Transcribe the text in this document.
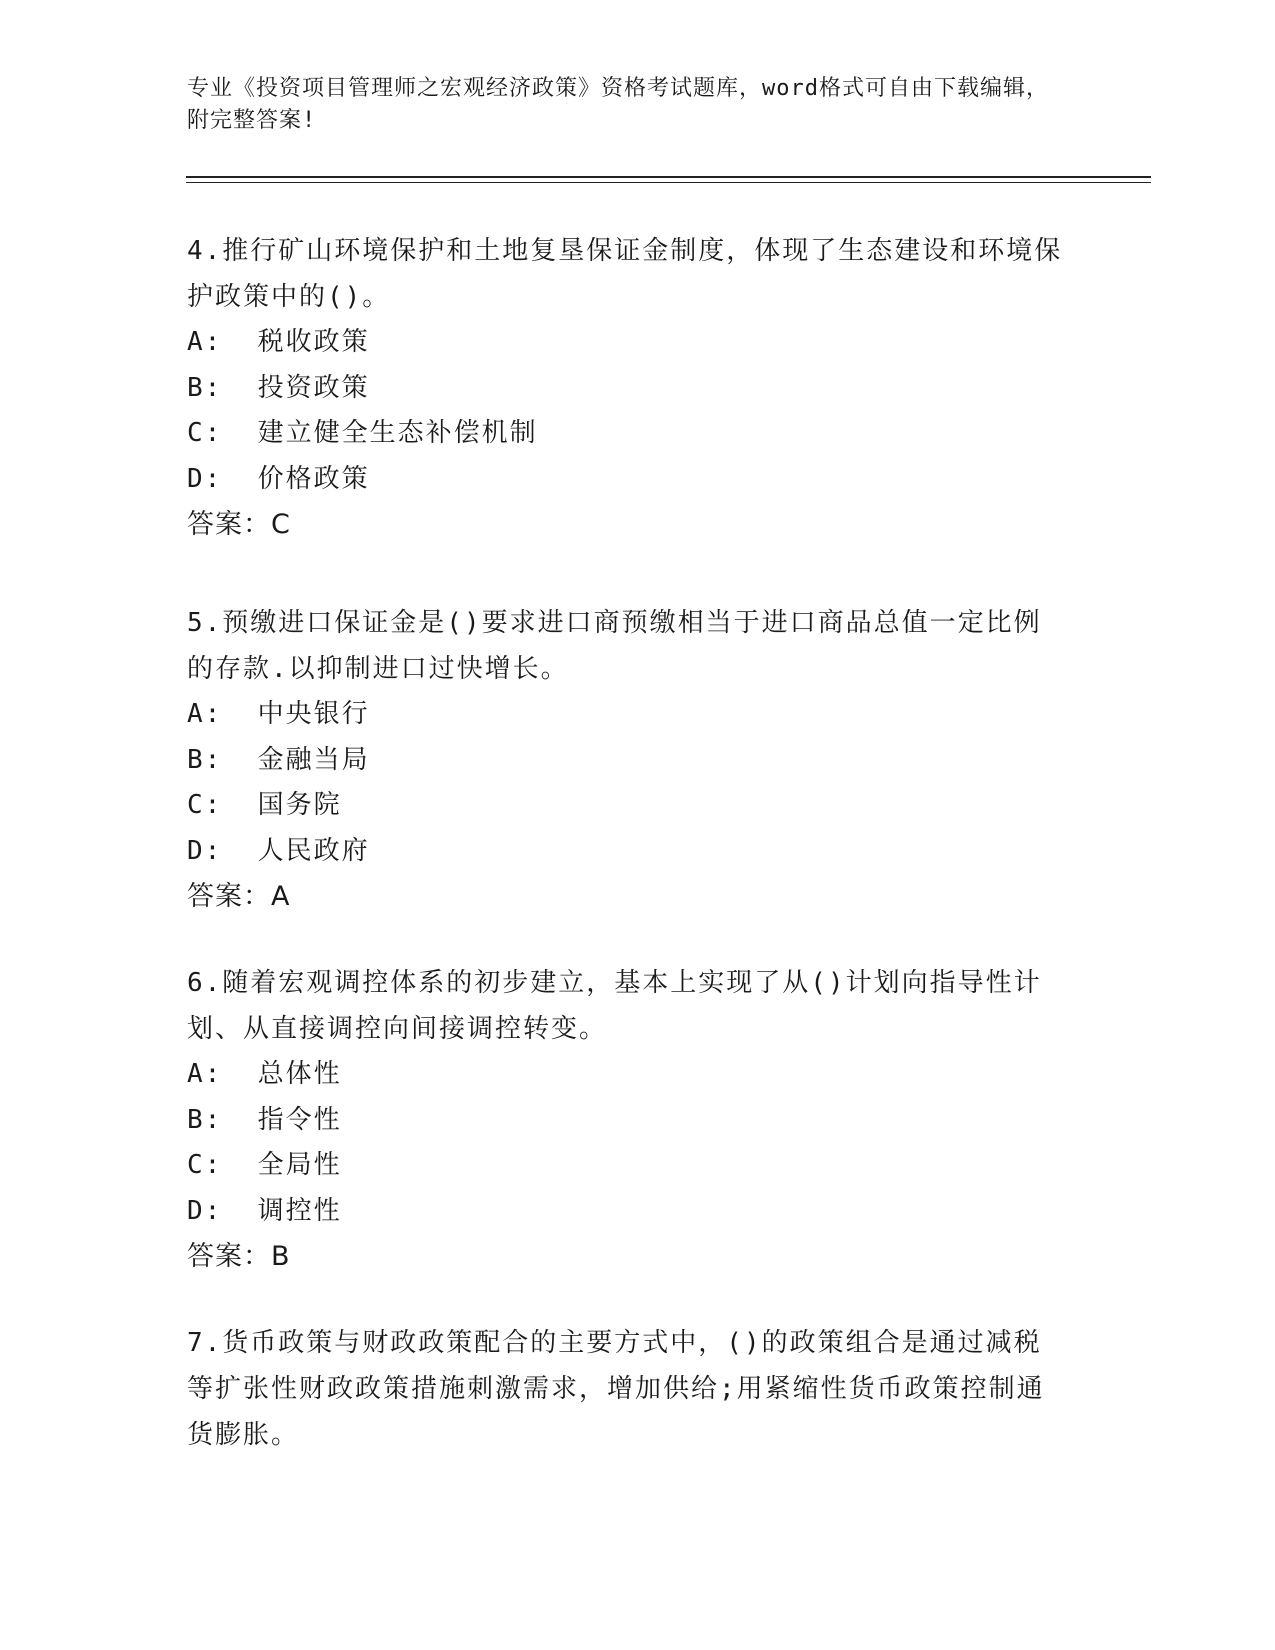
专业《投资项目管理师之宏观经济政策》资格考试题库，word格式可自由下载编辑，附完整答案!

4.推行矿山环境保护和土地复垦保证金制度，体现了生态建设和环境保护政策中的()。

A:  税收政策

B:  投资政策

C:  建立健全生态补偿机制

D:  价格政策

答案：C

5.预缴进口保证金是()要求进口商预缴相当于进口商品总值一定比例的存款.以抑制进口过快增长。

A:  中央银行

B:  金融当局

C:  国务院

D:  人民政府

答案：A

6.随着宏观调控体系的初步建立，基本上实现了从()计划向指导性计划、从直接调控向间接调控转变。

A:  总体性

B:  指令性

C:  全局性

D:  调控性

答案：B

7.货币政策与财政政策配合的主要方式中，()的政策组合是通过减税等扩张性财政政策措施刺激需求，增加供给;用紧缩性货币政策控制通货膨胀。
